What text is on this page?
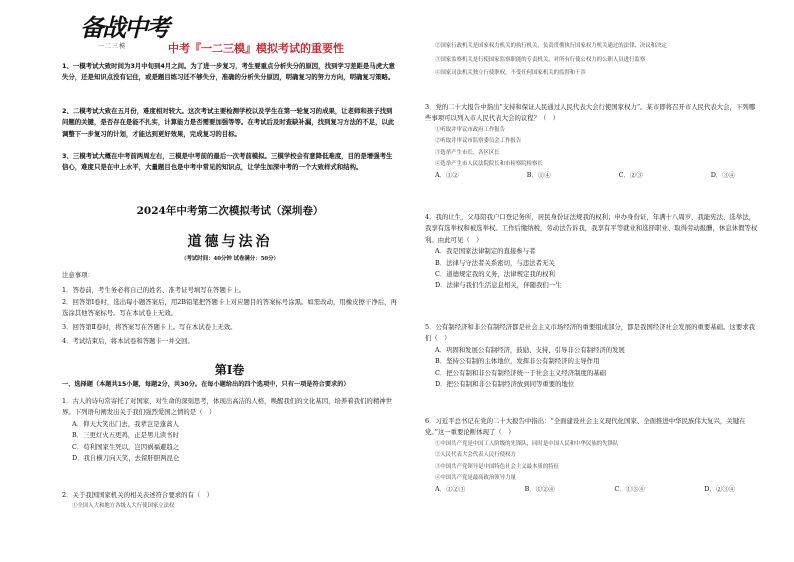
备战中考
一二三模	中考『一二三模』模拟考试的重要性
1、一模考试大致时间为3月中旬到4月之间。为了进一步复习，考生要重点分析失分的原因，找到学习差距是马虎大意失分，还是知识点没有记住，或是题目练习还不够失分，准确的分析失分原因，明确复习的努力方向，明确复习策略。
2、二模考试大致在五月份，难度相对较大。这次考试主要检测学校以及学生在第一轮复习的成果，让老师和孩子找到问题的关键，是否存在是能不扎实，计算能力是否需要加强等等。在考试后及时查缺补漏，找到复习方法的不足，以此调整下一步复习的计划，才能达到更好效果，完成复习的目标。
3、三模考试大概在中考前两周左右，三模是中考前的最后一次考前模拟。三模学校会有意降低难度，目的是增强考生信心，难度只是在中上水平，大量题目也是中考中常见的知识点，让学生加深中考的一个大致样式和结构。
2024年中考第二次模拟考试（深圳卷）
道德与法治
（考试时间：40分钟 试卷满分：50分）
注意事项：
1．答卷前，考生务必将自己的姓名、准考证号填写在答题卡上。
2．回答第Ⅰ卷时，选出每小题答案后，用2B铅笔把答题卡上对应题目的答案标号涂黑。如需改动，用橡皮擦干净后，再选涂其他答案标号。写在本试卷上无效。
3．回答第Ⅱ卷时，将答案写在答题卡上。写在本试卷上无效。
4．考试结束后，将本试卷和答题卡一并交回。
第Ⅰ卷
一、选择题（本题共15小题，每题2分，共30分。在每小题给出的四个选项中，只有一项是符合要求的）
1．古人的诗句常寄托了对国家、对生命的深刻思考，体现出高洁的人格，唤醒我们的文化基因，培养着我们的精神世界。下列语句阐发出关于我们强烈爱国之情的是（　）
A．仰天大笑出门去，我辈岂是蓬蒿人
B．三更灯火五更鸡，正是男儿读书时
C．苟利国家生死以，岂因祸福避趋之
D．我自横刀向天笑，去留肝胆两昆仑
2．关于我国国家机关的相关表述符合要求的有（　）
①全国人大和地方各级人大行使国家立法权
②国家行政机关是国家权力机关的执行机关，负责贯彻执行国家权力机关通过的法律、决议和决定
③国家监察机关是行使国家监察职能的专责机关，对所有行使公权力的公职人员进行监察
④国家司法机关独立行使职权，不受任何国家机关的监督和干涉
3．党的二十大报告中指出“支持和保证人民通过人民代表大会行使国家权力”。某市即将召开市人民代表大会，下列哪些事项可以列入市人民代表大会的议程？（　）
①听取并审议市政府工作报告
②听取并审议市监察委员会工作报告
③选举产生市长、各区区长
④选举产生市人民法院院长和市检察院检察长
A．①②	B．①④	C．②③	D．③④
4．我的让生，父母陪我户口登记务所，居民身份证法规我的权利；申办身份证，年满十八周岁，我能宪法、选举法，我享有选举权和被选举权。工作后缴纳税，劳动法告诉我，我享有平等就业和选择职业、取得劳动报酬，休息休假等权利。由此可见（　）
A．我是国家法律制定的直接参与者
B．法律与守法者关系密切，与违法者无关
C．道德规定我的义务，法律规定我的权利
D．法律与我们生活息息相关，伴随我们一生
5．公有制经济和非公有制经济都是社会主义市场经济的重要组成部分，都是我国经济社会发展的重要基础。这要求我们（　）
A．巩固和发展公有制经济，鼓励、支持、引导非公有制经济的发展
B．坚持公有制的主体地位，发挥非公有制经济的主导作用
C．把公有制和非公有制经济统一于社会主义经济制度的基础
D．把公有制和非公有制经济放到同等重要的地位
6．习近平总书记在党的二十大报告中指出：“全面建设社会主义现代化国家、全面推进中华民族伟大复兴，关键在党。”这一重要论断体现了（　）
①中国共产党是中国工人阶级的先锋队，同时是中国人民和中华民族的先锋队
②人民代表大会代表人民行使权力
③中国共产党领导是中国特色社会主义最本质的特征
④中国共产党是最高政治领导力量
A．①②③	B．①②④	C．①③④	D．②③④
